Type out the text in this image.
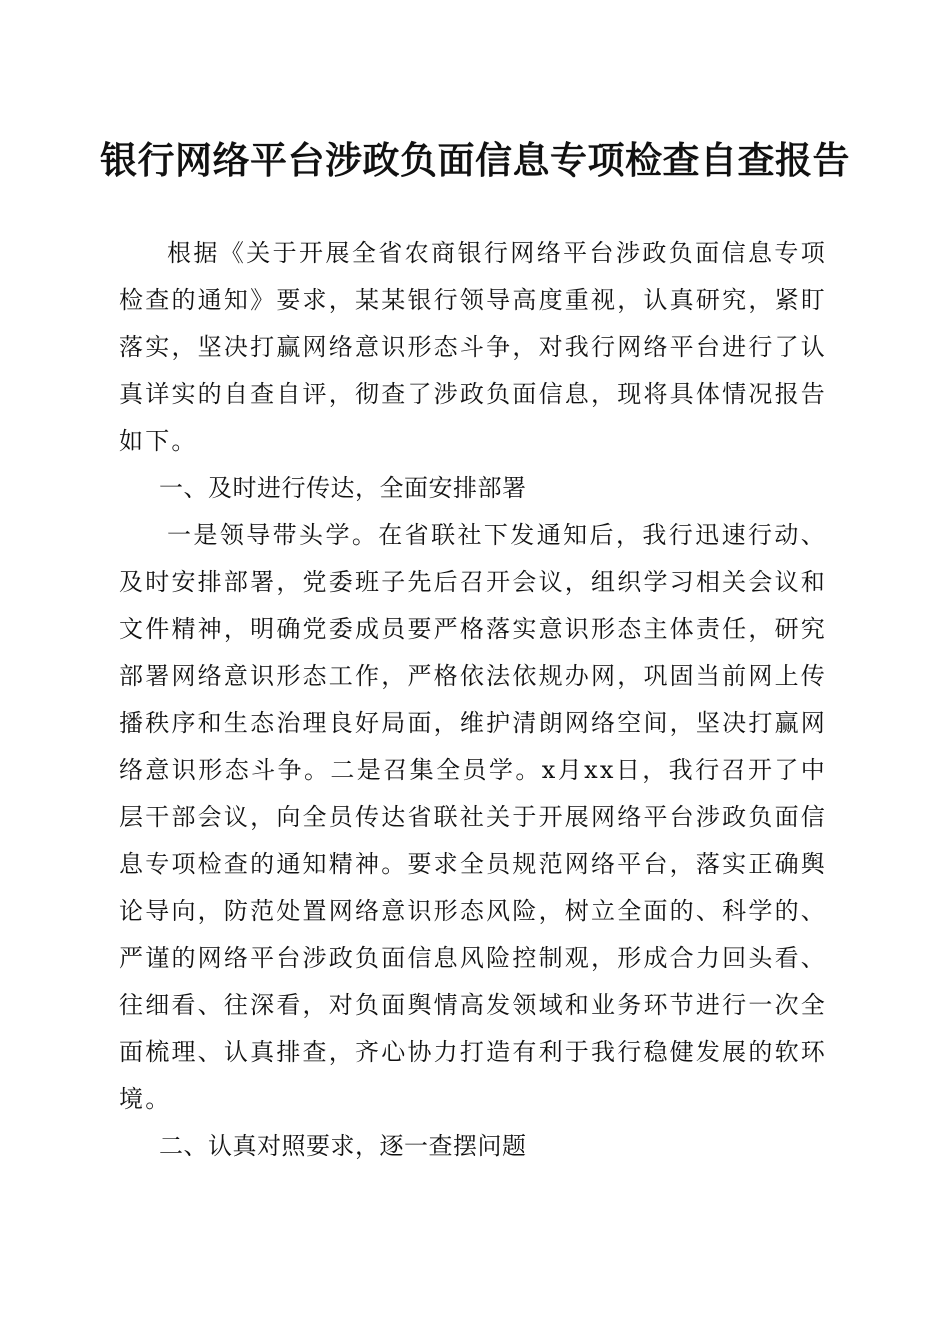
银行网络平台涉政负面信息专项检查自查报告

根据《关于开展全省农商银行网络平台涉政负面信息专项检查的通知》要求，某某银行领导高度重视，认真研究，紧盯落实，坚决打赢网络意识形态斗争，对我行网络平台进行了认真详实的自查自评，彻查了涉政负面信息，现将具体情况报告如下。

一、及时进行传达，全面安排部署

一是领导带头学。在省联社下发通知后，我行迅速行动、及时安排部署，党委班子先后召开会议，组织学习相关会议和文件精神，明确党委成员要严格落实意识形态主体责任，研究部署网络意识形态工作，严格依法依规办网，巩固当前网上传播秩序和生态治理良好局面，维护清朗网络空间，坚决打赢网络意识形态斗争。二是召集全员学。x月xx日，我行召开了中层干部会议，向全员传达省联社关于开展网络平台涉政负面信息专项检查的通知精神。要求全员规范网络平台，落实正确舆论导向，防范处置网络意识形态风险，树立全面的、科学的、严谨的网络平台涉政负面信息风险控制观，形成合力回头看、往细看、往深看，对负面舆情高发领域和业务环节进行一次全面梳理、认真排查，齐心协力打造有利于我行稳健发展的软环境。

二、认真对照要求，逐一查摆问题
